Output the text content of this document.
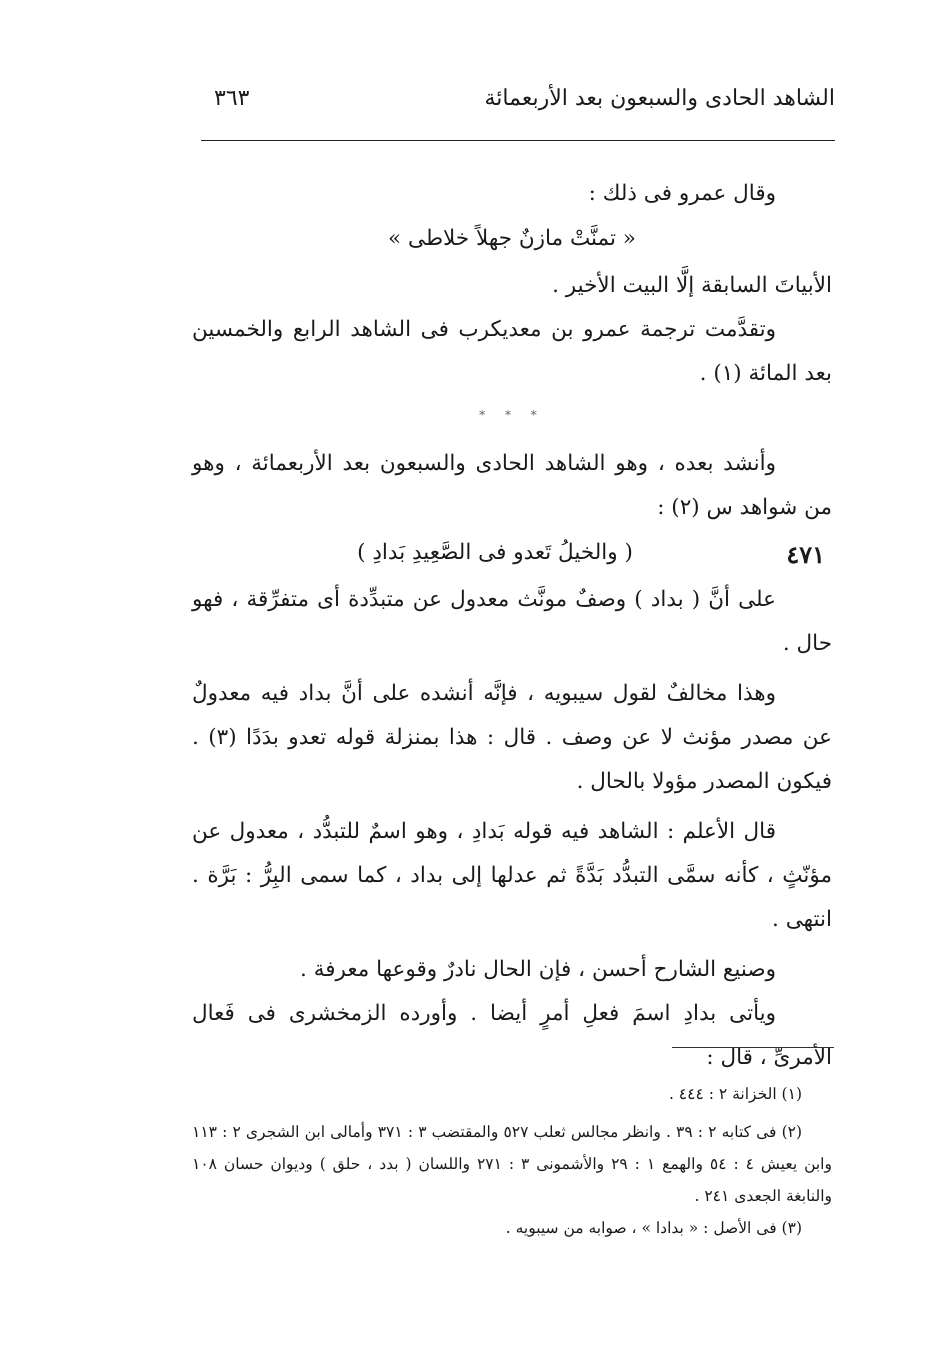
الشاهد الحادى والسبعون بعد الأربعمائة
٣٦٣

وقال عمرو فى ذلك :

« تمنَّتْ مازنٌ جهلاً خلاطى »

الأبياتَ السابقة إلَّا البيت الأخير .

وتقدَّمت ترجمة عمرو بن معديكرب فى الشاهد الرابع والخمسين بعد المائة (١) .

* * *

وأنشد بعده ، وهو الشاهد الحادى والسبعون بعد الأربعمائة ، وهو من شواهد س (٢) :

٤٧١
( والخيلُ تَعدو فى الصَّعِيدِ بَدادِ )

على أنَّ ( بداد ) وصفٌ مونَّث معدول عن متبدِّدة أى متفرِّقة ، فهو حال .

وهذا مخالفٌ لقول سيبويه ، فإنَّه أنشده على أنَّ بداد فيه معدولٌ عن مصدر مؤنث لا عن وصف . قال : هذا بمنزلة قوله تعدو بدَدًا (٣) . فيكون المصدر مؤولا بالحال .

قال الأعلم : الشاهد فيه قوله بَدادِ ، وهو اسمٌ للتبدُّد ، معدول عن مؤنّثٍ ، كأنه سمَّى التبدُّد بَدَّةً ثم عدلها إلى بداد ، كما سمى البِرُّ : بَرَّة . انتهى .

وصنيع الشارح أحسن ، فإن الحال نادرٌ وقوعها معرفة .

ويأتى بدادِ اسمَ فعلِ أمرٍ أيضا . وأورده الزمخشرى فى فَعال الأمرىِّ ، قال :

(١) الخزانة ٢ : ٤٤٤ .

(٢) فى كتابه ٢ : ٣٩ . وانظر مجالس ثعلب ٥٢٧ والمقتضب ٣ : ٣٧١ وأمالى ابن الشجرى ٢ : ١١٣ وابن يعيش ٤ : ٥٤ والهمع ١ : ٢٩ والأشمونى ٣ : ٢٧١ واللسان ( بدد ، حلق ) وديوان حسان ١٠٨ والنابغة الجعدى ٢٤١ .

(٣) فى الأصل : « بدادا » ، صوابه من سيبويه .
